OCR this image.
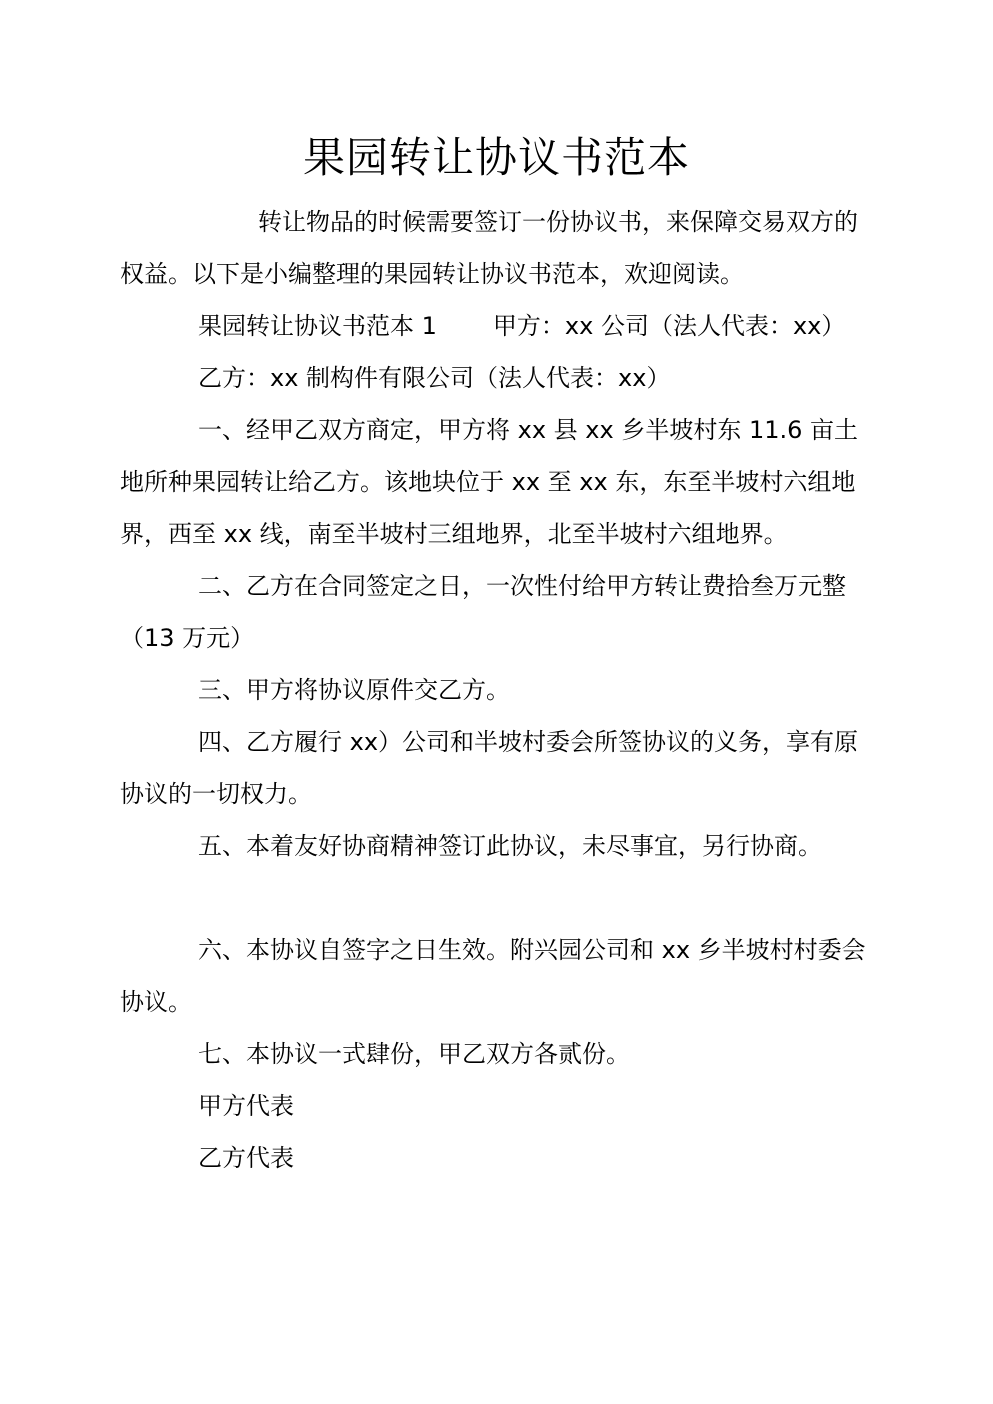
果园转让协议书范本

转让物品的时候需要签订一份协议书，来保障交易双方的权益。以下是小编整理的果园转让协议书范本，欢迎阅读。

果园转让协议书范本 1 甲方：xx 公司（法人代表：xx）

乙方：xx 制构件有限公司（法人代表：xx）

一、经甲乙双方商定，甲方将 xx 县 xx 乡半坡村东 11.6 亩土地所种果园转让给乙方。该地块位于 xx 至 xx 东，东至半坡村六组地界，西至 xx 线，南至半坡村三组地界，北至半坡村六组地界。

二、乙方在合同签定之日，一次性付给甲方转让费拾叁万元整（13 万元）

三、甲方将协议原件交乙方。

四、乙方履行 xx）公司和半坡村委会所签协议的义务，享有原协议的一切权力。

五、本着友好协商精神签订此协议，未尽事宜，另行协商。

六、本协议自签字之日生效。附兴园公司和 xx 乡半坡村村委会协议。

七、本协议一式肆份，甲乙双方各贰份。

甲方代表

乙方代表
